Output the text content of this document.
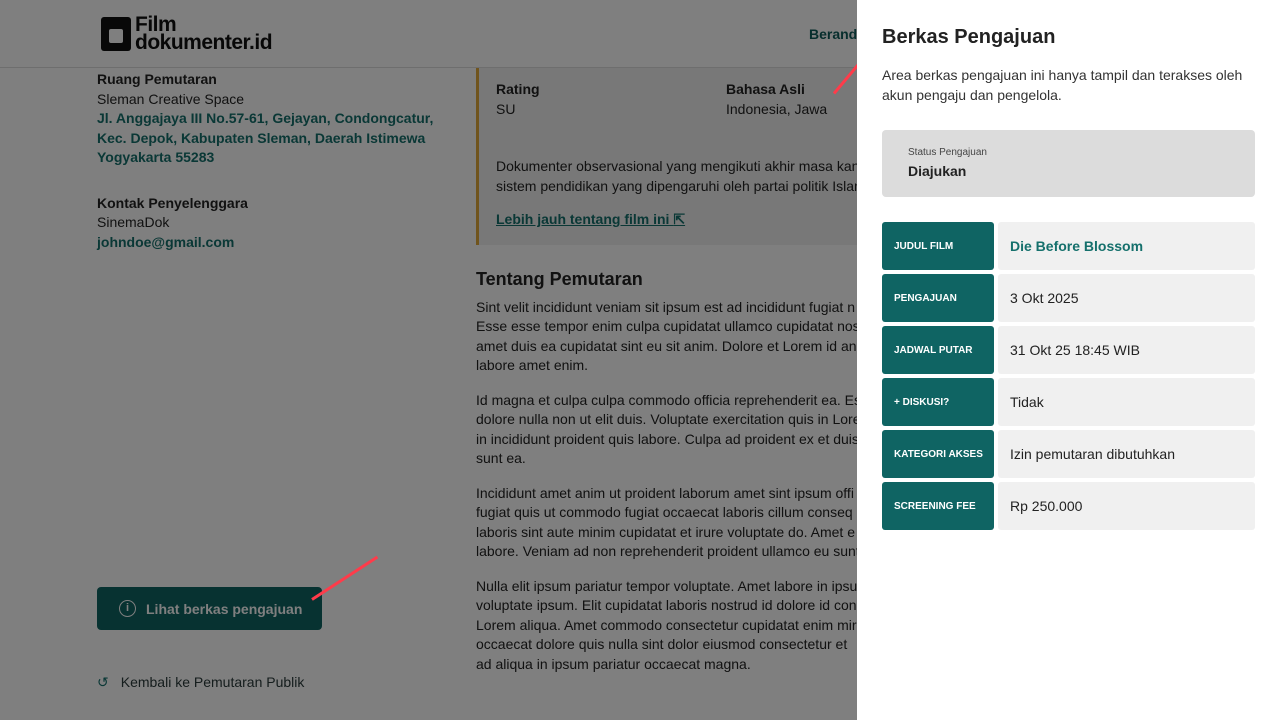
Berkas Pengajuan
Area berkas pengajuan ini hanya tampil dan terakses oleh akun pengaju dan pengelola.
Status Pengajuan
Diajukan
JUDUL FILM	Die Before Blossom
PENGAJUAN	3 Okt 2025
JADWAL PUTAR	31 Okt 25 18:45 WIB
+ DISKUSI?	Tidak
KATEGORI AKSES	Izin pemutaran dibutuhkan
SCREENING FEE	Rp 250.000
